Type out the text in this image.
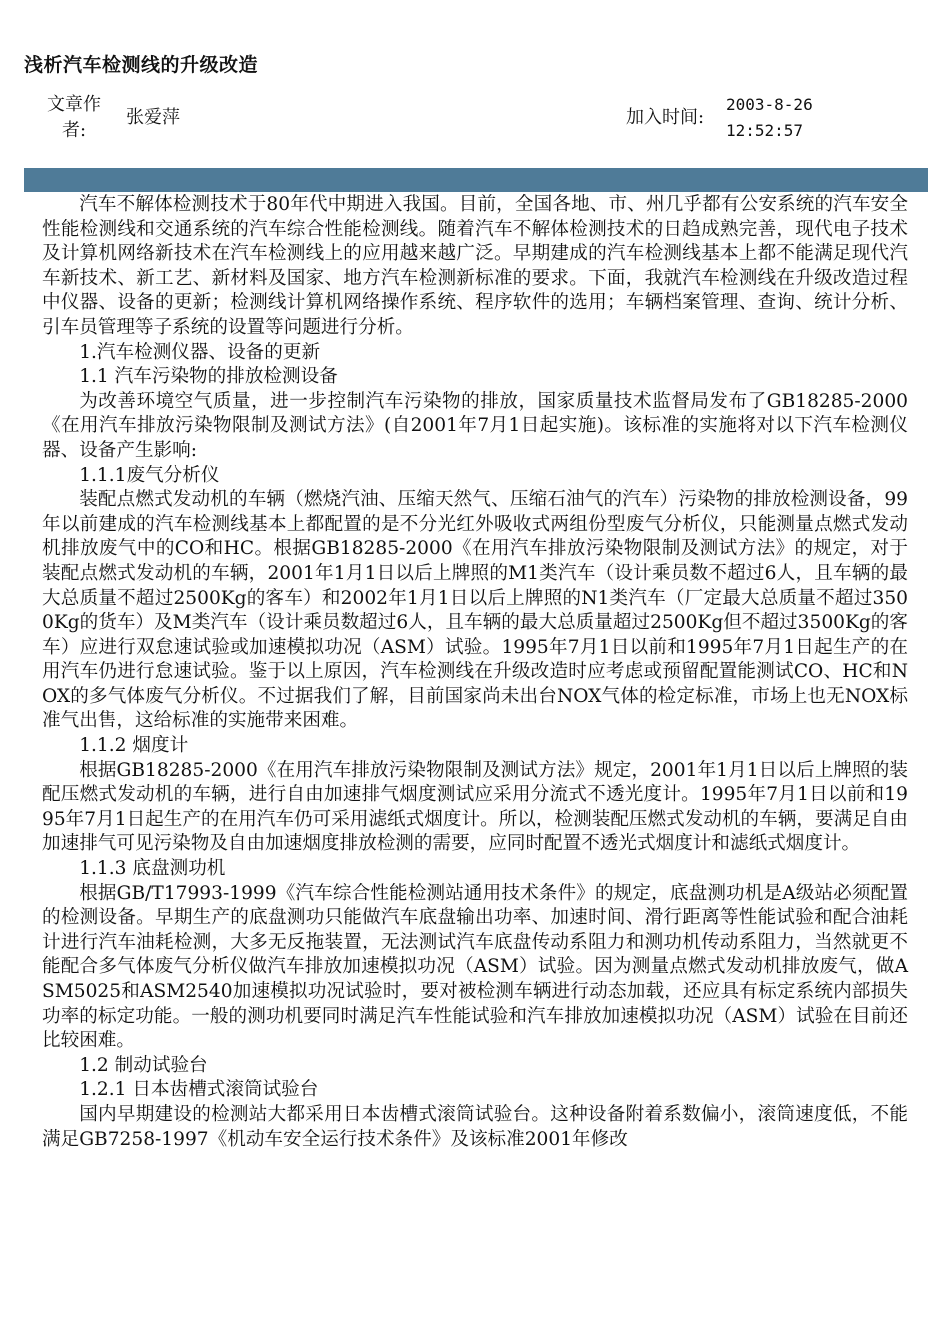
浅析汽车检测线的升级改造
文章作者:
张爱萍	加入时间:
2003-8-26
12:52:57

汽车不解体检测技术于80年代中期进入我国。目前，全国各地、市、州几乎都有公安系统的汽车安全性能检测线和交通系统的汽车综合性能检测线。随着汽车不解体检测技术的日趋成熟完善，现代电子技术及计算机网络新技术在汽车检测线上的应用越来越广泛。早期建成的汽车检测线基本上都不能满足现代汽车新技术、新工艺、新材料及国家、地方汽车检测新标准的要求。下面，我就汽车检测线在升级改造过程中仪器、设备的更新；检测线计算机网络操作系统、程序软件的选用；车辆档案管理、查询、统计分析、引车员管理等子系统的设置等问题进行分析。

1.汽车检测仪器、设备的更新

1.1 汽车污染物的排放检测设备

为改善环境空气质量，进一步控制汽车污染物的排放，国家质量技术监督局发布了GB18285-2000《在用汽车排放污染物限制及测试方法》(自2001年7月1日起实施)。该标准的实施将对以下汽车检测仪器、设备产生影响:

1.1.1废气分析仪

装配点燃式发动机的车辆（燃烧汽油、压缩天然气、压缩石油气的汽车）污染物的排放检测设备，99年以前建成的汽车检测线基本上都配置的是不分光红外吸收式两组份型废气分析仪，只能测量点燃式发动机排放废气中的CO和HC。根据GB18285-2000《在用汽车排放污染物限制及测试方法》的规定，对于装配点燃式发动机的车辆，2001年1月1日以后上牌照的M1类汽车（设计乘员数不超过6人，且车辆的最大总质量不超过2500Kg的客车）和2002年1月1日以后上牌照的N1类汽车（厂定最大总质量不超过3500Kg的货车）及M类汽车（设计乘员数超过6人，且车辆的最大总质量超过2500Kg但不超过3500Kg的客车）应进行双怠速试验或加速模拟功况（ASM）试验。1995年7月1日以前和1995年7月1日起生产的在用汽车仍进行怠速试验。鉴于以上原因，汽车检测线在升级改造时应考虑或预留配置能测试CO、HC和NOX的多气体废气分析仪。不过据我们了解，目前国家尚未出台NOX气体的检定标准，市场上也无NOX标准气出售，这给标准的实施带来困难。

1.1.2 烟度计

根据GB18285-2000《在用汽车排放污染物限制及测试方法》规定，2001年1月1日以后上牌照的装配压燃式发动机的车辆，进行自由加速排气烟度测试应采用分流式不透光度计。1995年7月1日以前和1995年7月1日起生产的在用汽车仍可采用滤纸式烟度计。所以，检测装配压燃式发动机的车辆，要满足自由加速排气可见污染物及自由加速烟度排放检测的需要，应同时配置不透光式烟度计和滤纸式烟度计。

1.1.3 底盘测功机

根据GB/T17993-1999《汽车综合性能检测站通用技术条件》的规定，底盘测功机是A级站必须配置的检测设备。早期生产的底盘测功只能做汽车底盘输出功率、加速时间、滑行距离等性能试验和配合油耗计进行汽车油耗检测，大多无反拖装置，无法测试汽车底盘传动系阻力和测功机传动系阻力，当然就更不能配合多气体废气分析仪做汽车排放加速模拟功况（ASM）试验。因为测量点燃式发动机排放废气，做ASM5025和ASM2540加速模拟功况试验时，要对被检测车辆进行动态加载，还应具有标定系统内部损失功率的标定功能。一般的测功机要同时满足汽车性能试验和汽车排放加速模拟功况（ASM）试验在目前还比较困难。

1.2 制动试验台

1.2.1 日本齿槽式滚筒试验台

国内早期建设的检测站大都采用日本齿槽式滚筒试验台。这种设备附着系数偏小，滚筒速度低，不能满足GB7258-1997《机动车安全运行技术条件》及该标准2001年修改
